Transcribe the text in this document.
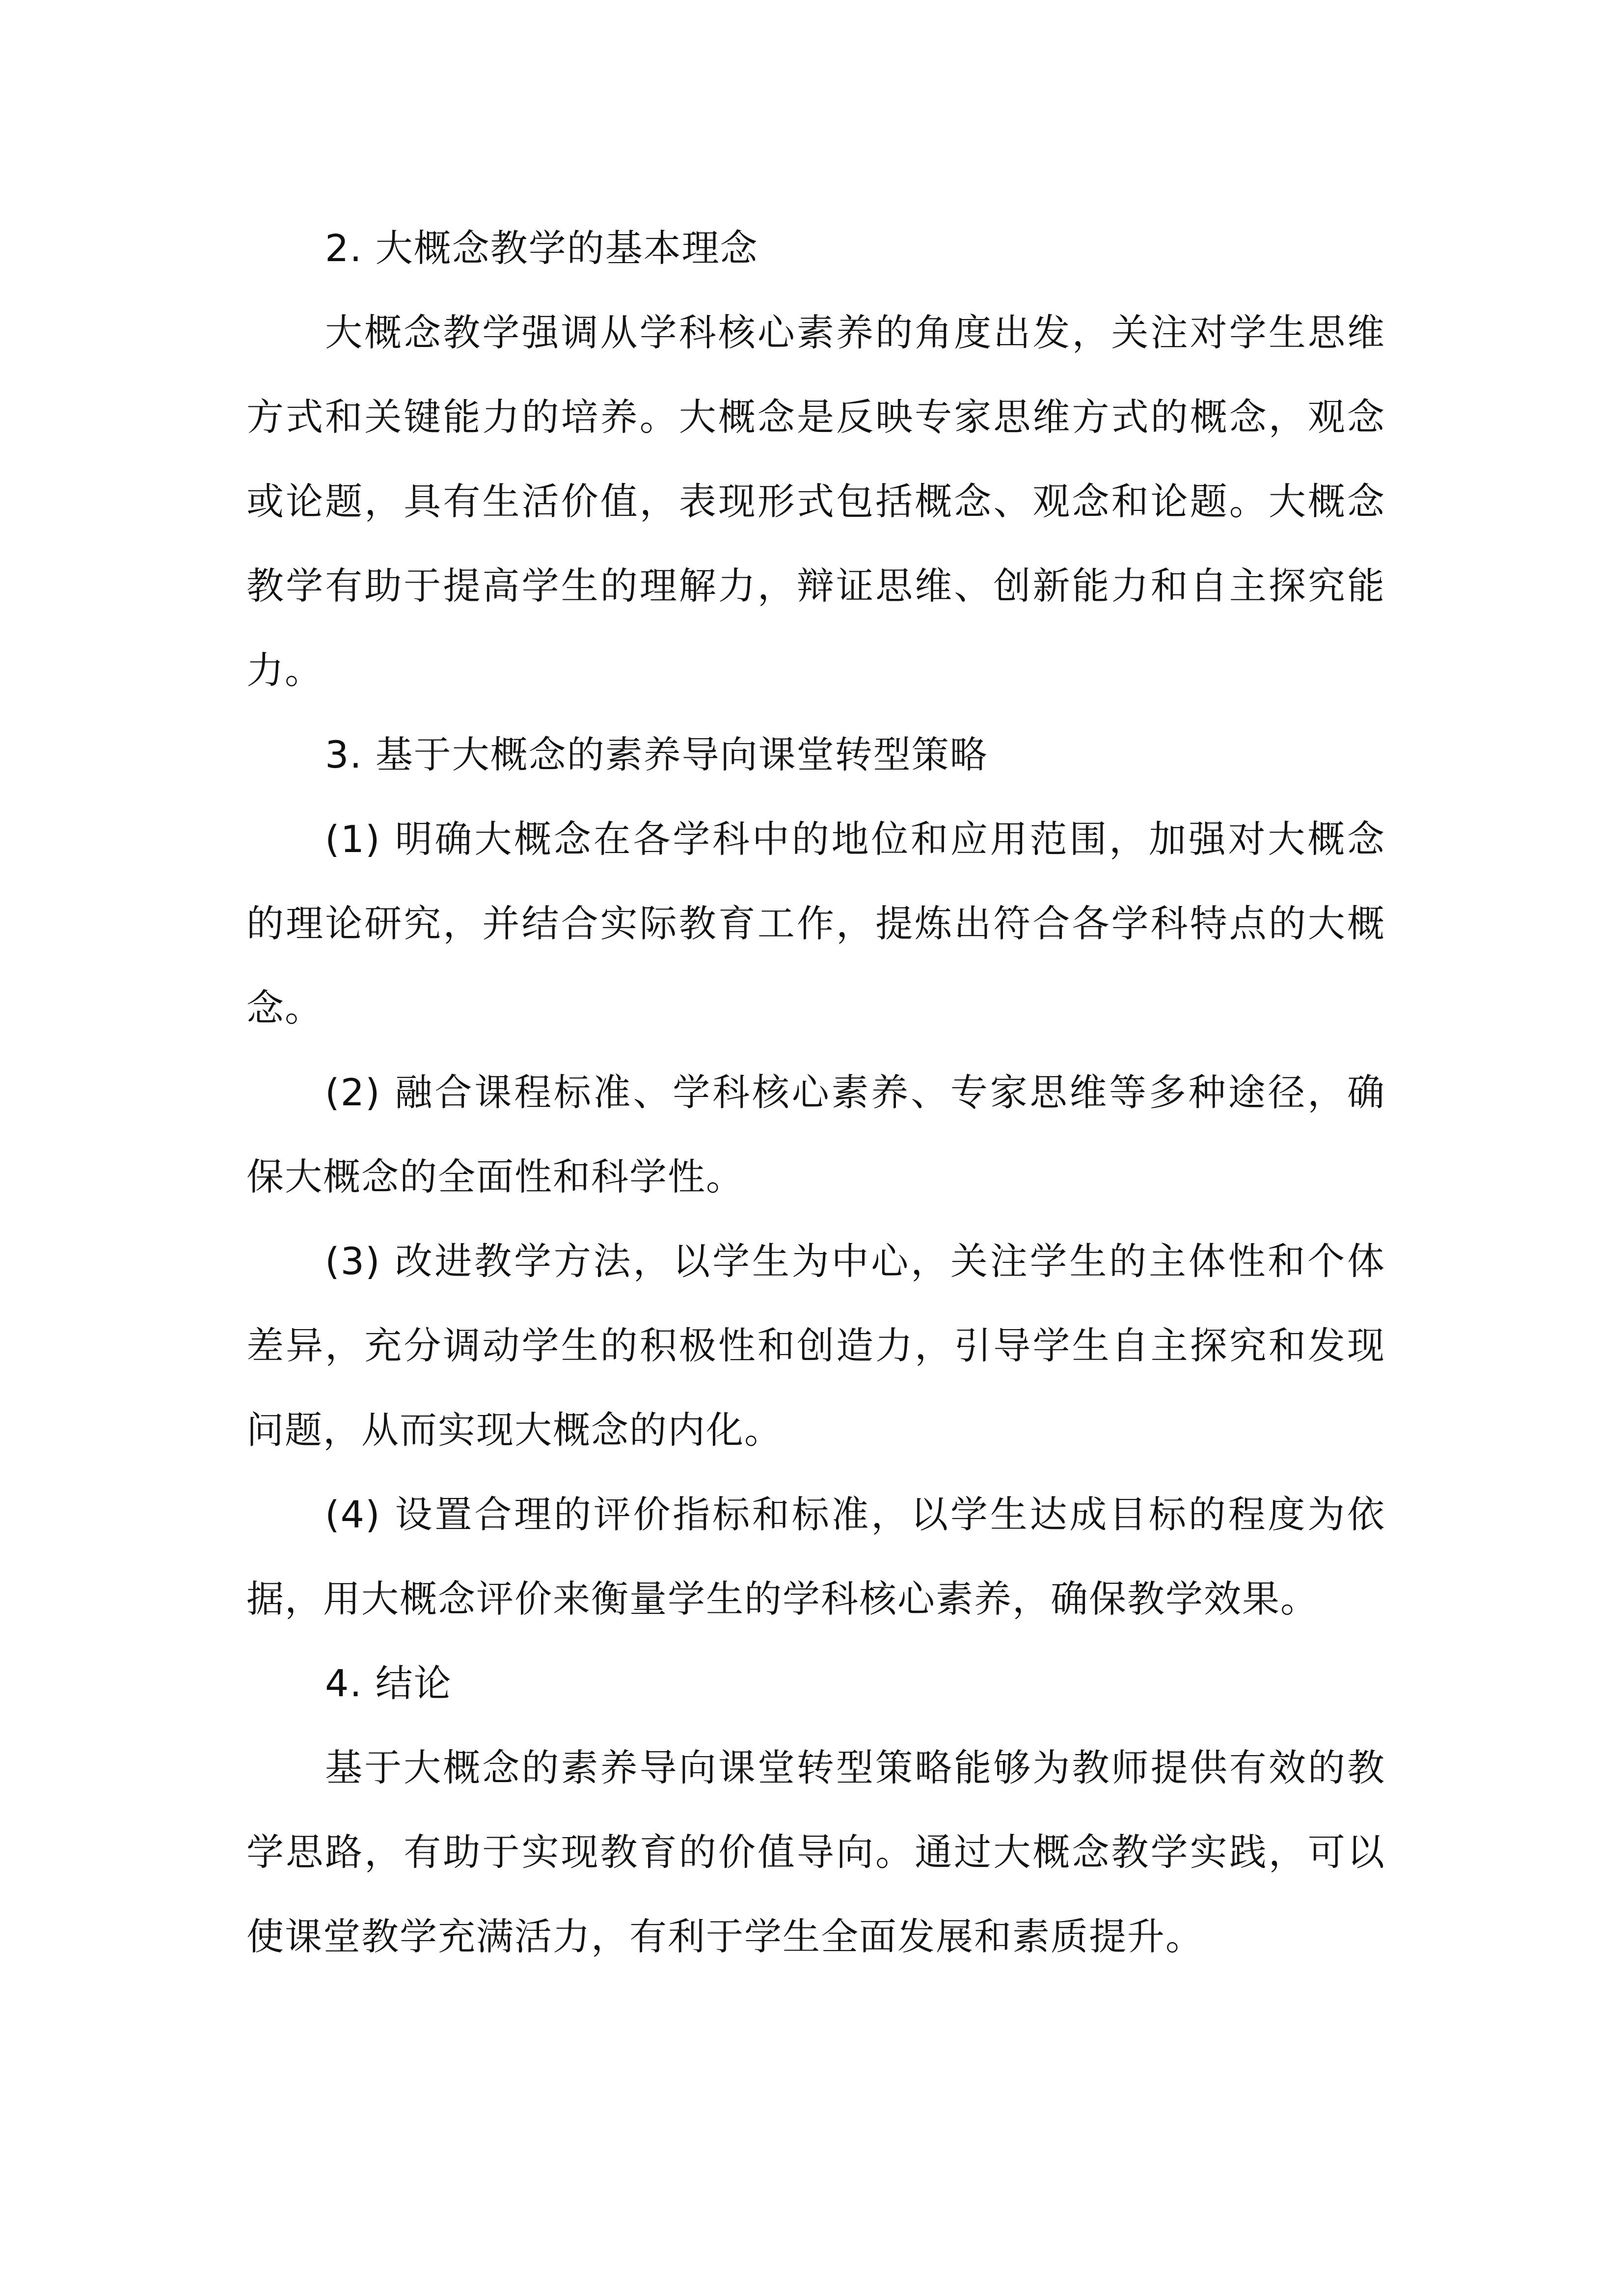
2. 大概念教学的基本理念

大概念教学强调从学科核心素养的角度出发，关注对学生思维方式和关键能力的培养。大概念是反映专家思维方式的概念，观念或论题，具有生活价值，表现形式包括概念、观念和论题。大概念教学有助于提高学生的理解力，辩证思维、创新能力和自主探究能力。

3. 基于大概念的素养导向课堂转型策略

(1) 明确大概念在各学科中的地位和应用范围，加强对大概念的理论研究，并结合实际教育工作，提炼出符合各学科特点的大概念。

(2) 融合课程标准、学科核心素养、专家思维等多种途径，确保大概念的全面性和科学性。

(3) 改进教学方法，以学生为中心，关注学生的主体性和个体差异，充分调动学生的积极性和创造力，引导学生自主探究和发现问题，从而实现大概念的内化。

(4) 设置合理的评价指标和标准，以学生达成目标的程度为依据，用大概念评价来衡量学生的学科核心素养，确保教学效果。

4. 结论

基于大概念的素养导向课堂转型策略能够为教师提供有效的教学思路，有助于实现教育的价值导向。通过大概念教学实践，可以使课堂教学充满活力，有利于学生全面发展和素质提升。
